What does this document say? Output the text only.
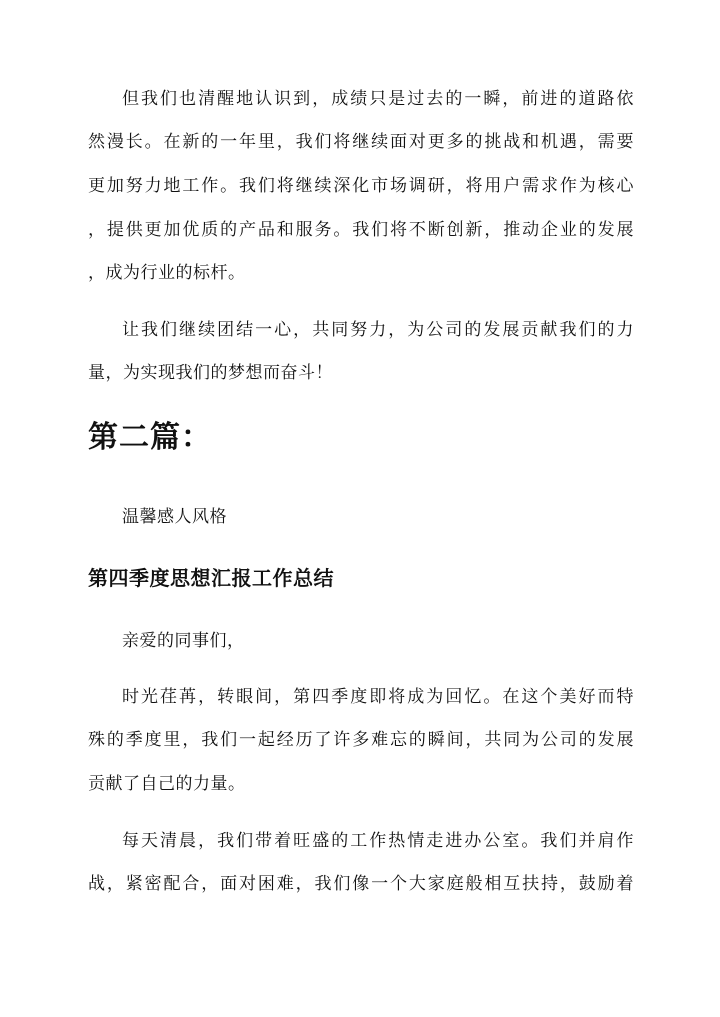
但我们也清醒地认识到，成绩只是过去的一瞬，前进的道路依
然漫长。在新的一年里，我们将继续面对更多的挑战和机遇，需要
更加努力地工作。我们将继续深化市场调研，将用户需求作为核心
，提供更加优质的产品和服务。我们将不断创新，推动企业的发展
，成为行业的标杆。
让我们继续团结一心，共同努力，为公司的发展贡献我们的力
量，为实现我们的梦想而奋斗！
第二篇：
温馨感人风格
第四季度思想汇报工作总结
亲爱的同事们，
时光荏苒，转眼间，第四季度即将成为回忆。在这个美好而特
殊的季度里，我们一起经历了许多难忘的瞬间，共同为公司的发展
贡献了自己的力量。
每天清晨，我们带着旺盛的工作热情走进办公室。我们并肩作
战，紧密配合，面对困难，我们像一个大家庭般相互扶持，鼓励着
